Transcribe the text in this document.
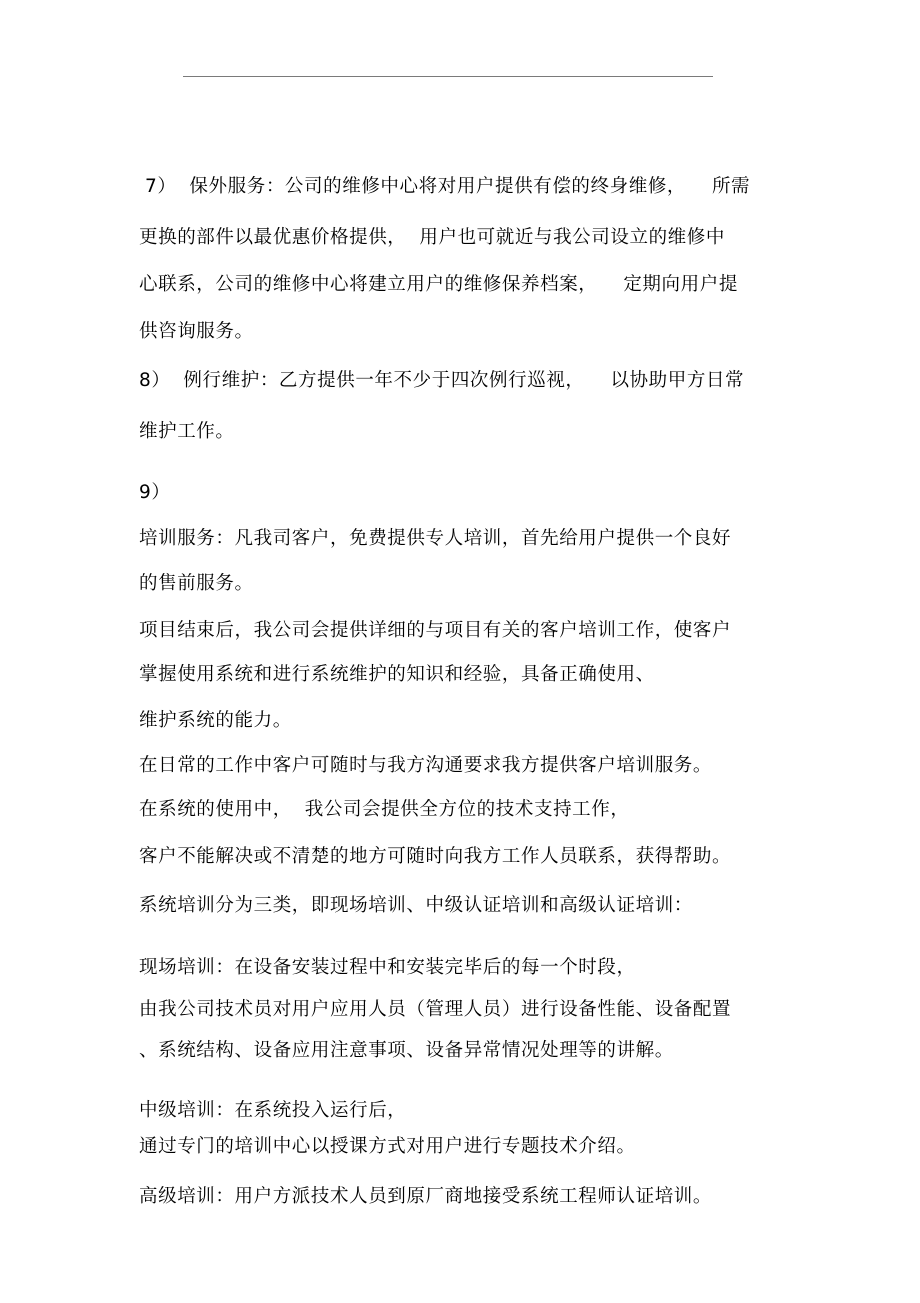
7）  保外服务：公司的维修中心将对用户提供有偿的终身维修，    所需
更换的部件以最优惠价格提供，  用户也可就近与我公司设立的维修中
心联系，公司的维修中心将建立用户的维修保养档案，    定期向用户提
供咨询服务。
8）  例行维护：乙方提供一年不少于四次例行巡视，    以协助甲方日常
维护工作。
9）
培训服务：凡我司客户，免费提供专人培训，首先给用户提供一个良好
的售前服务。
项目结束后，我公司会提供详细的与项目有关的客户培训工作，使客户
掌握使用系统和进行系统维护的知识和经验，具备正确使用、
维护系统的能力。
在日常的工作中客户可随时与我方沟通要求我方提供客户培训服务。
在系统的使用中，  我公司会提供全方位的技术支持工作，
客户不能解决或不清楚的地方可随时向我方工作人员联系，获得帮助。
系统培训分为三类，即现场培训、中级认证培训和高级认证培训：
现场培训：在设备安装过程中和安装完毕后的每一个时段，
由我公司技术员对用户应用人员（管理人员）进行设备性能、设备配置
、系统结构、设备应用注意事项、设备异常情况处理等的讲解。
中级培训：在系统投入运行后，
通过专门的培训中心以授课方式对用户进行专题技术介绍。
高级培训：用户方派技术人员到原厂商地接受系统工程师认证培训。
